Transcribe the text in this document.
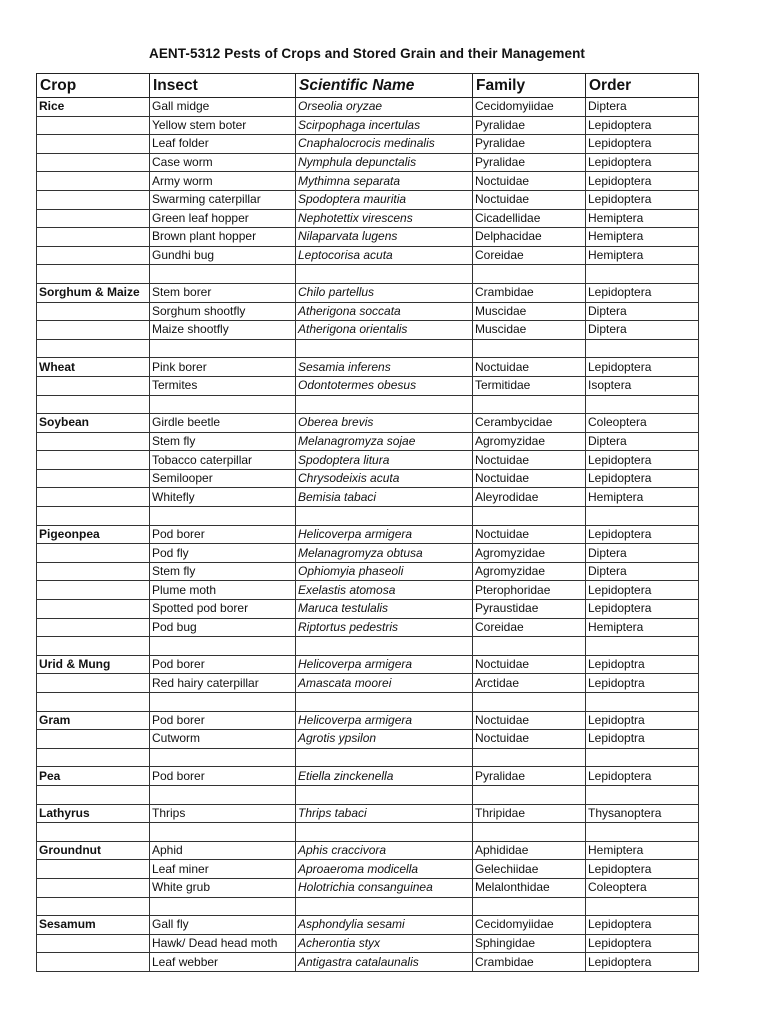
AENT-5312 Pests of Crops and Stored Grain and their Management
Crop	Insect	Scientific Name	Family	Order
Rice	Gall midge	Orseolia oryzae	Cecidomyiidae	Diptera
	Yellow stem boter	Scirpophaga incertulas	Pyralidae	Lepidoptera
	Leaf folder	Cnaphalocrocis medinalis	Pyralidae	Lepidoptera
	Case worm	Nymphula depunctalis	Pyralidae	Lepidoptera
	Army worm	Mythimna separata	Noctuidae	Lepidoptera
	Swarming caterpillar	Spodoptera mauritia	Noctuidae	Lepidoptera
	Green leaf hopper	Nephotettix virescens	Cicadellidae	Hemiptera
	Brown plant hopper	Nilaparvata lugens	Delphacidae	Hemiptera
	Gundhi bug	Leptocorisa acuta	Coreidae	Hemiptera

Sorghum & Maize	Stem borer	Chilo partellus	Crambidae	Lepidoptera
	Sorghum shootfly	Atherigona soccata	Muscidae	Diptera
	Maize shootfly	Atherigona orientalis	Muscidae	Diptera

Wheat	Pink borer	Sesamia inferens	Noctuidae	Lepidoptera
	Termites	Odontotermes obesus	Termitidae	Isoptera

Soybean	Girdle beetle	Oberea brevis	Cerambycidae	Coleoptera
	Stem fly	Melanagromyza sojae	Agromyzidae	Diptera
	Tobacco caterpillar	Spodoptera litura	Noctuidae	Lepidoptera
	Semilooper	Chrysodeixis acuta	Noctuidae	Lepidoptera
	Whitefly	Bemisia tabaci	Aleyrodidae	Hemiptera

Pigeonpea	Pod borer	Helicoverpa armigera	Noctuidae	Lepidoptera
	Pod fly	Melanagromyza obtusa	Agromyzidae	Diptera
	Stem fly	Ophiomyia phaseoli	Agromyzidae	Diptera
	Plume moth	Exelastis atomosa	Pterophoridae	Lepidoptera
	Spotted pod borer	Maruca testulalis	Pyraustidae	Lepidoptera
	Pod bug	Riptortus pedestris	Coreidae	Hemiptera

Urid & Mung	Pod borer	Helicoverpa armigera	Noctuidae	Lepidoptra
	Red hairy caterpillar	Amascata moorei	Arctidae	Lepidoptra

Gram	Pod borer	Helicoverpa armigera	Noctuidae	Lepidoptra
	Cutworm	Agrotis ypsilon	Noctuidae	Lepidoptra

Pea	Pod borer	Etiella zinckenella	Pyralidae	Lepidoptera

Lathyrus	Thrips	Thrips tabaci	Thripidae	Thysanoptera

Groundnut	Aphid	Aphis craccivora	Aphididae	Hemiptera
	Leaf miner	Aproaeroma modicella	Gelechiidae	Lepidoptera
	White grub	Holotrichia consanguinea	Melalonthidae	Coleoptera

Sesamum	Gall fly	Asphondylia sesami	Cecidomyiidae	Lepidoptera
	Hawk/ Dead head moth	Acherontia styx	Sphingidae	Lepidoptera
	Leaf webber	Antigastra catalaunalis	Crambidae	Lepidoptera
